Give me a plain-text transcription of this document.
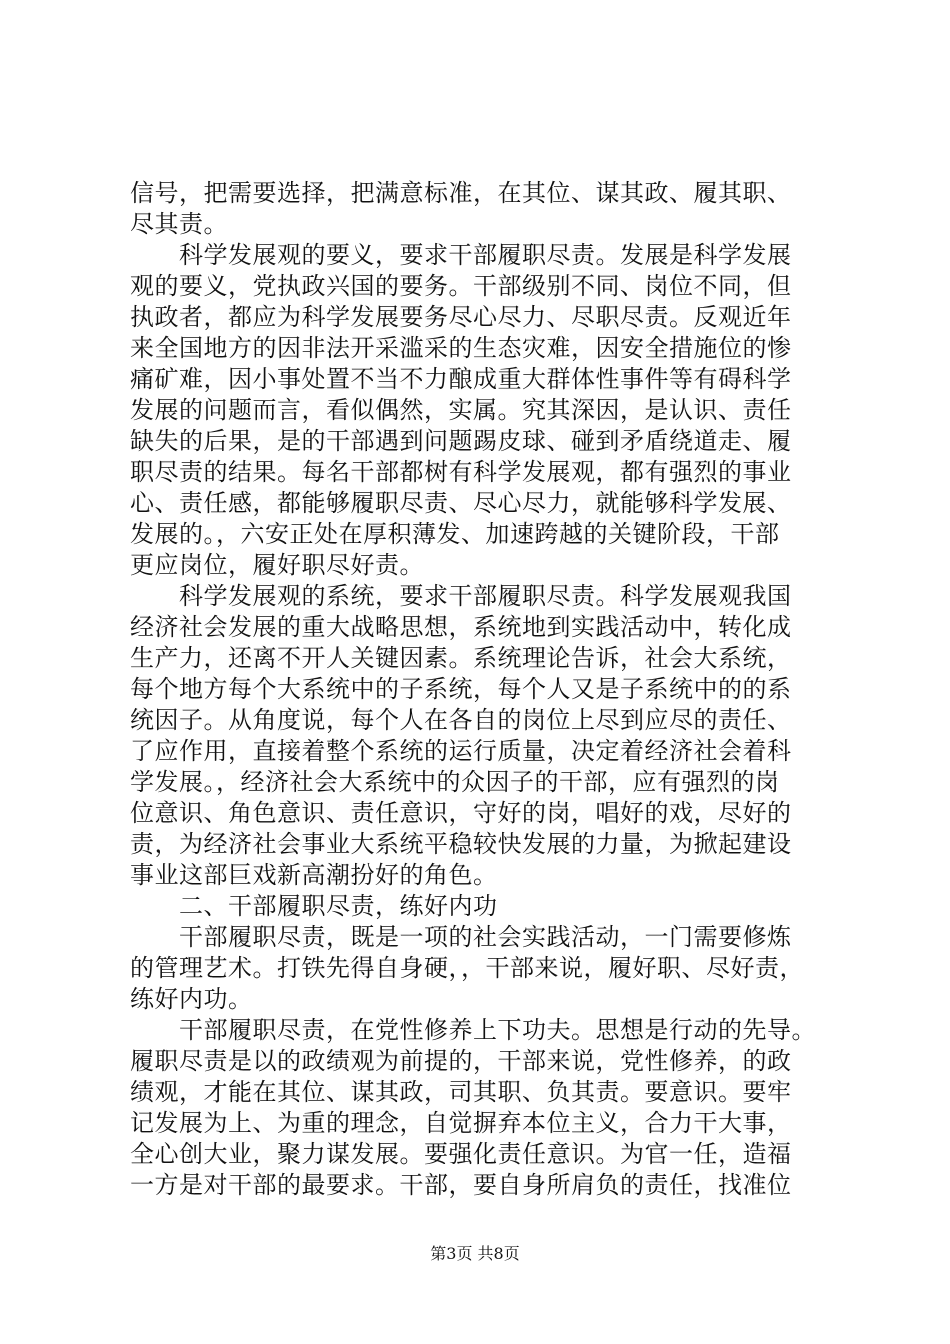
信号，把需要选择，把满意标准，在其位、谋其政、履其职、
尽其责。
　　科学发展观的要义，要求干部履职尽责。发展是科学发展
观的要义，党执政兴国的要务。干部级别不同、岗位不同，但
执政者，都应为科学发展要务尽心尽力、尽职尽责。反观近年
来全国地方的因非法开采滥采的生态灾难，因安全措施位的惨
痛矿难，因小事处置不当不力酿成重大群体性事件等有碍科学
发展的问题而言，看似偶然，实属。究其深因，是认识、责任
缺失的后果，是的干部遇到问题踢皮球、碰到矛盾绕道走、履
职尽责的结果。每名干部都树有科学发展观，都有强烈的事业
心、责任感，都能够履职尽责、尽心尽力，就能够科学发展、
发展的。，六安正处在厚积薄发、加速跨越的关键阶段，干部
更应岗位，履好职尽好责。
　　科学发展观的系统，要求干部履职尽责。科学发展观我国
经济社会发展的重大战略思想，系统地到实践活动中，转化成
生产力，还离不开人关键因素。系统理论告诉，社会大系统，
每个地方每个大系统中的子系统，每个人又是子系统中的的系
统因子。从角度说，每个人在各自的岗位上尽到应尽的责任、
了应作用，直接着整个系统的运行质量，决定着经济社会着科
学发展。，经济社会大系统中的众因子的干部，应有强烈的岗
位意识、角色意识、责任意识，守好的岗，唱好的戏，尽好的
责，为经济社会事业大系统平稳较快发展的力量，为掀起建设
事业这部巨戏新高潮扮好的角色。
　　二、干部履职尽责，练好内功
　　干部履职尽责，既是一项的社会实践活动，一门需要修炼
的管理艺术。打铁先得自身硬，，干部来说，履好职、尽好责，
练好内功。
　　干部履职尽责，在党性修养上下功夫。思想是行动的先导。
履职尽责是以的政绩观为前提的，干部来说，党性修养，的政
绩观，才能在其位、谋其政，司其职、负其责。要意识。要牢
记发展为上、为重的理念，自觉摒弃本位主义，合力干大事，
全心创大业，聚力谋发展。要强化责任意识。为官一任，造福
一方是对干部的最要求。干部，要自身所肩负的责任，找准位
第3页 共8页
